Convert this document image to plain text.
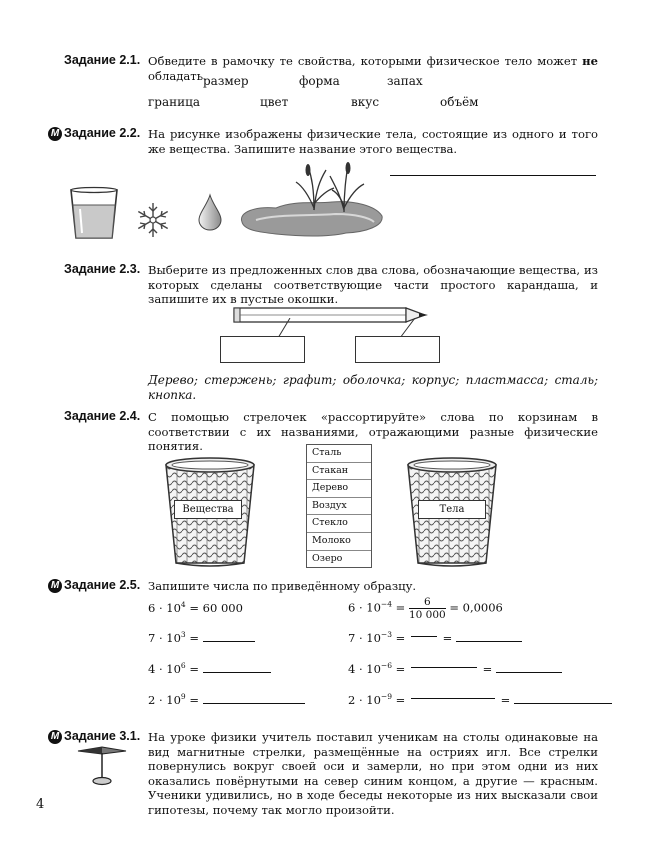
Задание 2.1. Обведите в рамочку те свойства, которыми физическое тело может не обладать.
размер	форма	запах
граница	цвет	вкус	объём
М Задание 2.2. На рисунке изображены физические тела, состоящие из одного и того же вещества. Запишите название этого вещества.
Задание 2.3. Выберите из предложенных слов два слова, обозначающие вещества, из которых сделаны соответствующие части простого карандаша, и запишите их в пустые окошки.
Дерево; стержень; графит; оболочка; корпус; пластмасса; сталь; кнопка.
Задание 2.4. С помощью стрелочек «рассортируйте» слова по корзинам в соответствии с их названиями, отражающими разные физические понятия.
Вещества	Тела
Сталь
Стакан
Дерево
Воздух
Стекло
Молоко
Озеро
М Задание 2.5. Запишите числа по приведённому образцу.
$6 \cdot 10^4 = 60$ 000
$7 \cdot 10^3$ =
$4 \cdot 10^6$ =
$2 \cdot 10^9$ =
$6 \cdot 10^{-4} = \frac{6}{10 000} = 0,0006$
$7 \cdot 10^{-3}$ =	=
$4 \cdot 10^{-6}$ =	=
$2 \cdot 10^{-9}$ =	=
М Задание 3.1. На уроке физики учитель поставил ученикам на столы одинаковые на вид магнитные стрелки, размещённые на остриях игл. Все стрелки повернулись вокруг своей оси и замерли, но при этом одни из них оказались повёрнутыми на север синим концом, а другие — красным. Ученики удивились, но в ходе беседы некоторые из них высказали свои гипотезы, почему так могло произойти.
4
